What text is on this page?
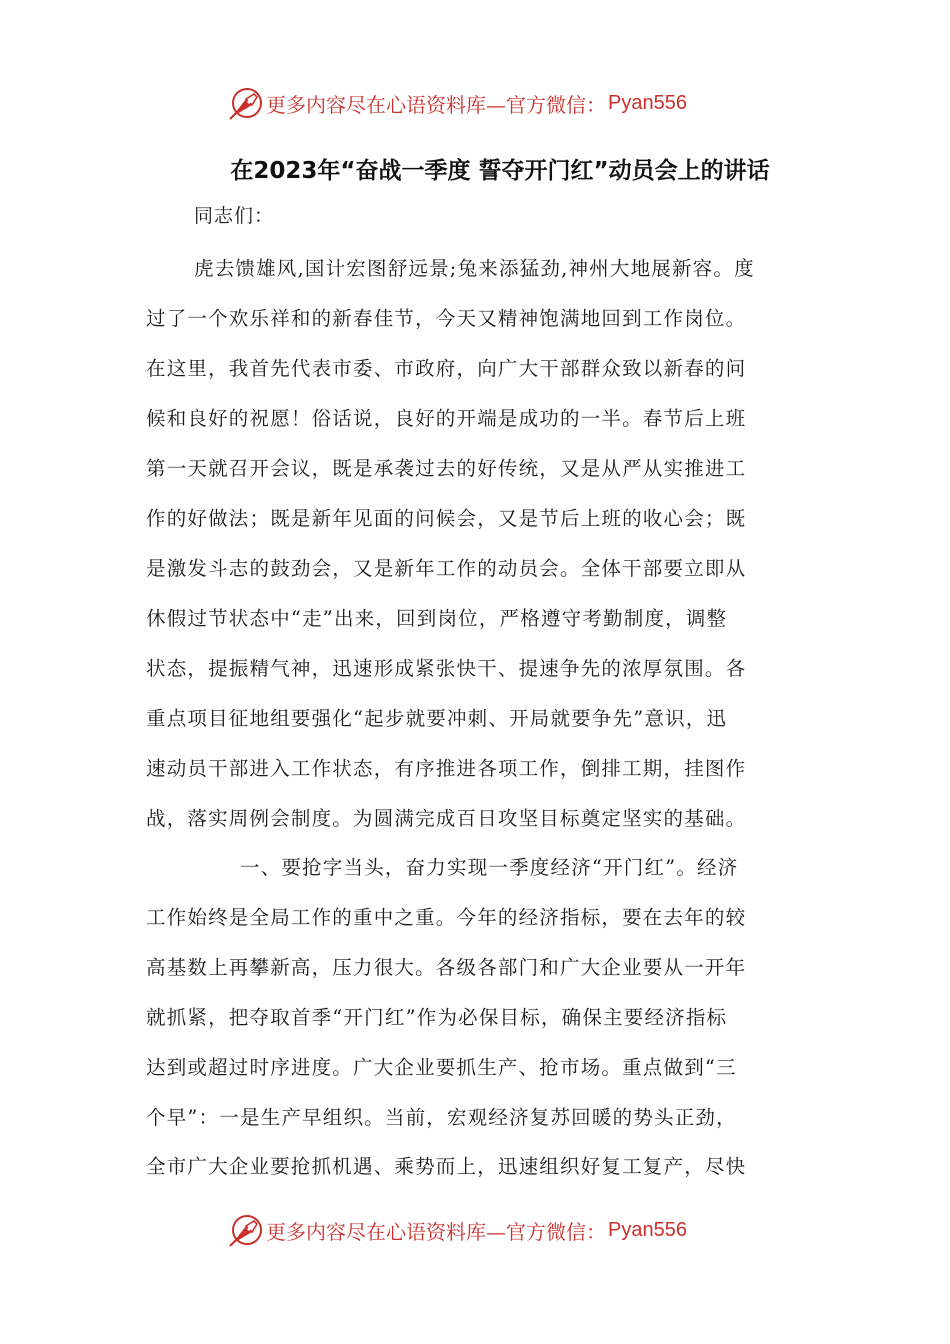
更多内容尽在心语资料库—官方微信： Pyan556
在2023年“奋战一季度 誓夺开门红”动员会上的讲话
同志们：
虎去馈雄风,国计宏图舒远景;兔来添猛劲,神州大地展新容。度
过了一个欢乐祥和的新春佳节，今天又精神饱满地回到工作岗位。
在这里，我首先代表市委、市政府，向广大干部群众致以新春的问
候和良好的祝愿！俗话说，良好的开端是成功的一半。春节后上班
第一天就召开会议，既是承袭过去的好传统，又是从严从实推进工
作的好做法；既是新年见面的问候会，又是节后上班的收心会；既
是激发斗志的鼓劲会，又是新年工作的动员会。全体干部要立即从
休假过节状态中“走”出来，回到岗位，严格遵守考勤制度，调整
状态，提振精气神，迅速形成紧张快干、提速争先的浓厚氛围。各
重点项目征地组要强化“起步就要冲刺、开局就要争先”意识，迅
速动员干部进入工作状态，有序推进各项工作，倒排工期，挂图作
战，落实周例会制度。为圆满完成百日攻坚目标奠定坚实的基础。
一、要抢字当头，奋力实现一季度经济“开门红”。经济
工作始终是全局工作的重中之重。今年的经济指标，要在去年的较
高基数上再攀新高，压力很大。各级各部门和广大企业要从一开年
就抓紧，把夺取首季“开门红”作为必保目标，确保主要经济指标
达到或超过时序进度。广大企业要抓生产、抢市场。重点做到“三
个早”：一是生产早组织。当前，宏观经济复苏回暖的势头正劲，
全市广大企业要抢抓机遇、乘势而上，迅速组织好复工复产，尽快
更多内容尽在心语资料库—官方微信： Pyan556
